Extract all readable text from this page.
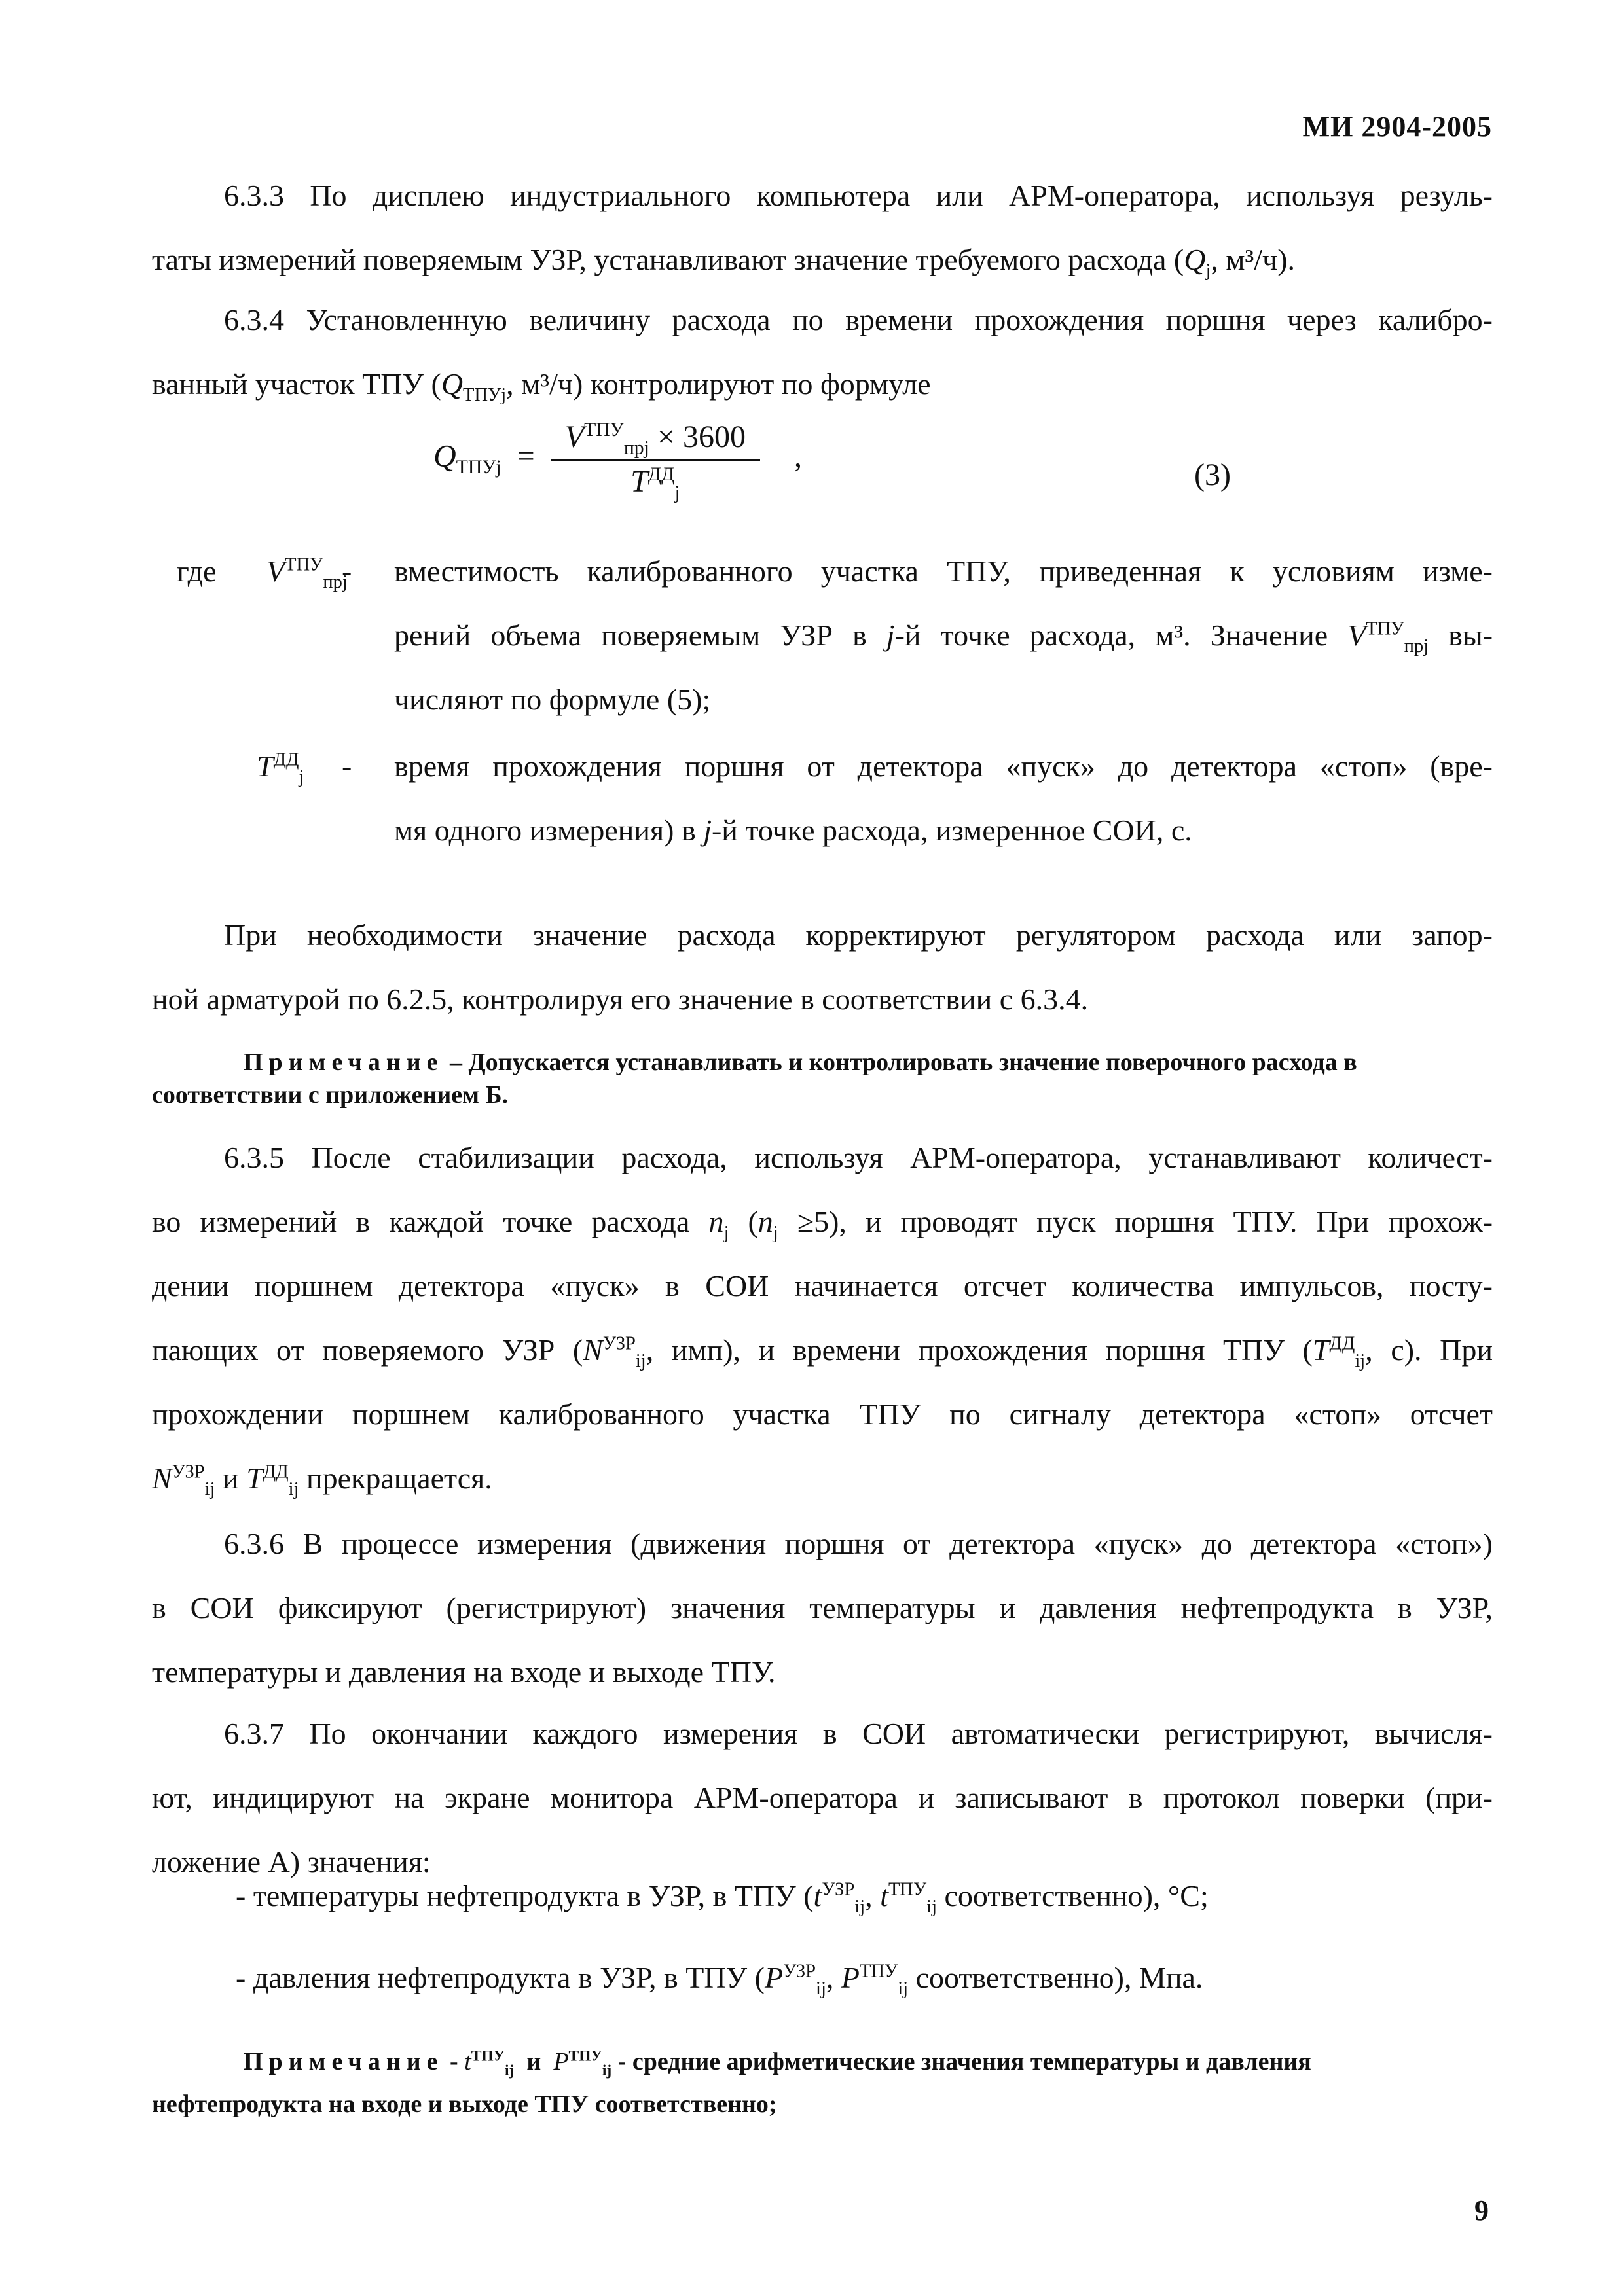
МИ 2904-2005
6.3.3 По дисплею индустриального компьютера или АРМ-оператора, используя резуль-
таты измерений поверяемым УЗР, устанавливают значение требуемого расхода ($Q_j$, м³/ч).
6.3.4 Установленную величину расхода по времени прохождения поршня через калибро-
ванный участок ТПУ ($Q_{ТПУj}$, м³/ч) контролируют по формуле
$Q_{ТПУj} = \frac{V^{ТПУ}_{пpj} \times 3600}{T^{ДД}_j}$ ,
(3)
где $V^{ТПУ}_{пpj}$
- вместимость калиброванного участка ТПУ, приведенная к условиям изме-
рений объема поверяемым УЗР в j-й точке расхода, м³. Значение $V^{ТПУ}_{пpj}$ вы-
числяют по формуле (5);
$T^{ДД}_j$ - время прохождения поршня от детектора «пуск» до детектора «стоп» (вре-
мя одного измерения) в j-й точке расхода, измеренное СОИ, с.
При необходимости значение расхода корректируют регулятором расхода или запор-
ной арматурой по 6.2.5, контролируя его значение в соответствии с 6.3.4.
Примечание – Допускается устанавливать и контролировать значение поверочного расхода в
соответствии с приложением Б.
6.3.5 После стабилизации расхода, используя АРМ-оператора, устанавливают количест-
во измерений в каждой точке расхода $n_j$ $(n_j \ge 5)$, и проводят пуск поршня ТПУ. При прохож-
дении поршнем детектора «пуск» в СОИ начинается отсчет количества импульсов, посту-
пающих от поверяемого УЗР ($N^{УЗР}_{ij}$, имп), и времени прохождения поршня ТПУ ($T^{ДД}_{ij}$, с). При
прохождении поршнем калиброванного участка ТПУ по сигналу детектора «стоп» отсчет
$N^{УЗР}_{ij}$ и $T^{ДД}_{ij}$ прекращается.
6.3.6 В процессе измерения (движения поршня от детектора «пуск» до детектора «стоп»)
в СОИ фиксируют (регистрируют) значения температуры и давления нефтепродукта в УЗР,
температуры и давления на входе и выходе ТПУ.
6.3.7 По окончании каждого измерения в СОИ автоматически регистрируют, вычисля-
ют, индицируют на экране монитора АРМ-оператора и записывают в протокол поверки (при-
ложение А) значения:
- температуры нефтепродукта в УЗР, в ТПУ ($t^{УЗР}_{ij}$, $t^{ТПУ}_{ij}$ соответственно), °С;
- давления нефтепродукта в УЗР, в ТПУ ($P^{УЗР}_{ij}$, $P^{ТПУ}_{ij}$ соответственно), Мпа.
Примечание - $t^{ТПУ}_{ij}$ и $P^{ТПУ}_{ij}$ - средние арифметические значения температуры и давления
нефтепродукта на входе и выходе ТПУ соответственно;
9
